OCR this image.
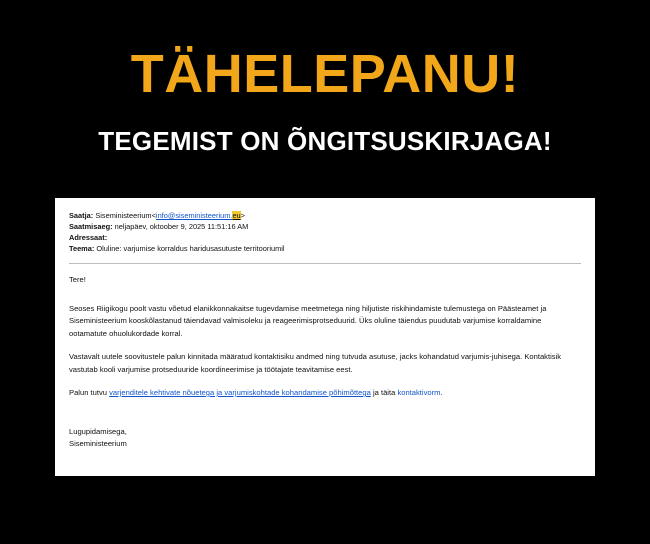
TÄHELEPANU!
TEGEMIST ON ÕNGITSUSKIRJAGA!
Saatja: Siseministeerium<info@siseministeerium.eu>
Saatmisaeg: neljapäev, oktoober 9, 2025 11:51:16 AM
Adressaat:
Teema: Oluline: varjumise korraldus haridusasutuste territooriumil

Tere!

Seoses Riigikogu poolt vastu võetud elanikkonnakaitse tugevdamise meetmetega ning hiljutiste riskihindamiste tulemustega on Päästeamet ja Siseministeerium kooskõlastanud täiendavad valmisoleku ja reageerimisprotseduurid. Üks oluline täiendus puudutab varjumise korraldamine ootamatute ohuolukordade korral.

Vastavalt uutele soovitustele palun kinnitada määratud kontaktisiku andmed ning tutvuda asutuse, jacks kohandatud varjumis-juhisega. Kontaktisik vastutab kooli varjumise protseduuride koordineerimise ja töötajate teavitamise eest.

Palun tutvu varjenditele kehtivate nõuetega ja varjumiskohtade kohandamise põhimõttega ja täita kontaktivorm.

Lugupidamisega,
Siseministeerium
